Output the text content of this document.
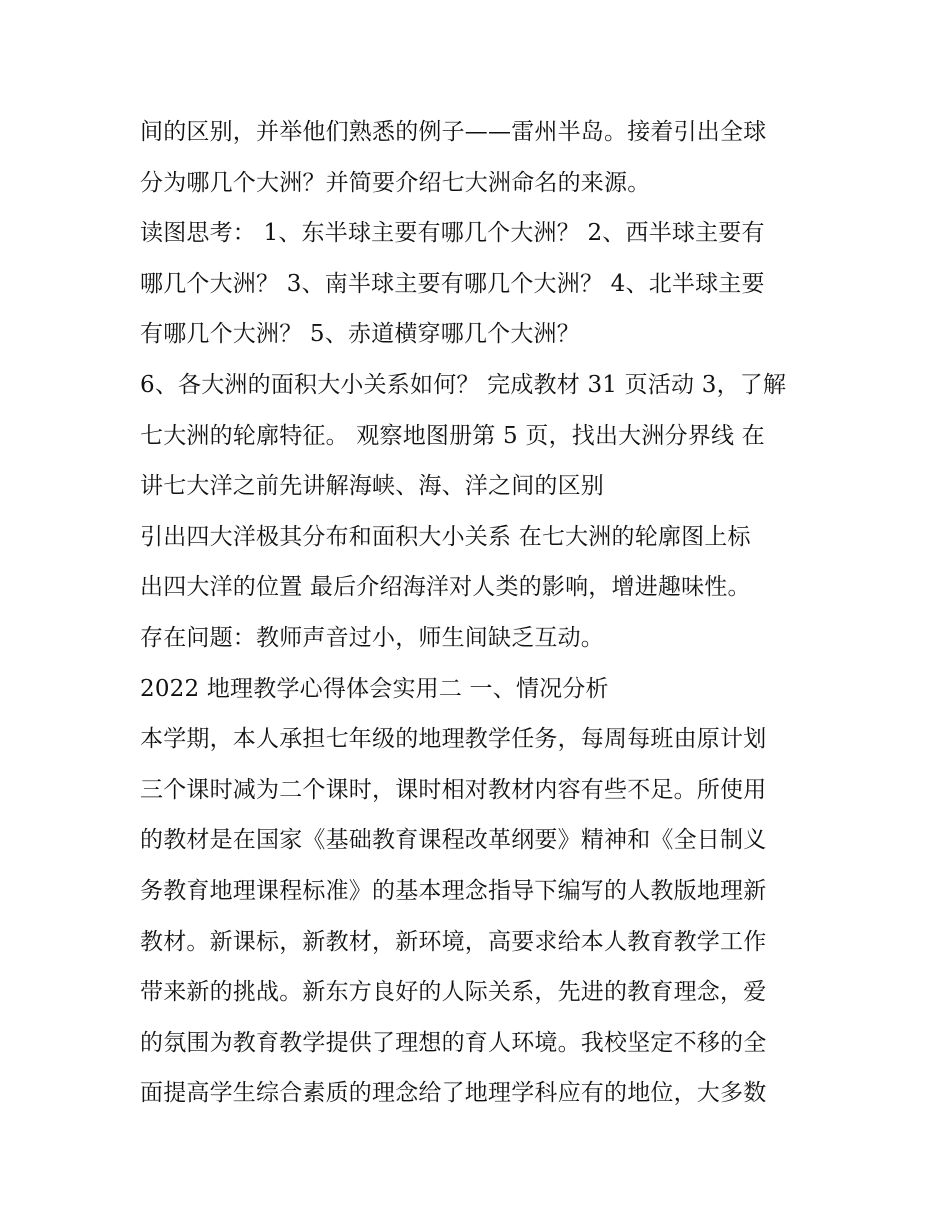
间的区别，并举他们熟悉的例子——雷州半岛。接着引出全球
分为哪几个大洲？并简要介绍七大洲命名的来源。
读图思考： 1、东半球主要有哪几个大洲？ 2、西半球主要有
哪几个大洲？ 3、南半球主要有哪几个大洲？ 4、北半球主要
有哪几个大洲？ 5、赤道横穿哪几个大洲？
6、各大洲的面积大小关系如何？ 完成教材 31 页活动 3，了解
七大洲的轮廓特征。 观察地图册第 5 页，找出大洲分界线 在
讲七大洋之前先讲解海峡、海、洋之间的区别
引出四大洋极其分布和面积大小关系 在七大洲的轮廓图上标
出四大洋的位置 最后介绍海洋对人类的影响，增进趣味性。
存在问题：教师声音过小，师生间缺乏互动。
2022 地理教学心得体会实用二 一、情况分析
本学期，本人承担七年级的地理教学任务，每周每班由原计划
三个课时减为二个课时，课时相对教材内容有些不足。所使用
的教材是在国家《基础教育课程改革纲要》精神和《全日制义
务教育地理课程标准》的基本理念指导下编写的人教版地理新
教材。新课标，新教材，新环境，高要求给本人教育教学工作
带来新的挑战。新东方良好的人际关系，先进的教育理念，爱
的氛围为教育教学提供了理想的育人环境。我校坚定不移的全
面提高学生综合素质的理念给了地理学科应有的地位，大多数
